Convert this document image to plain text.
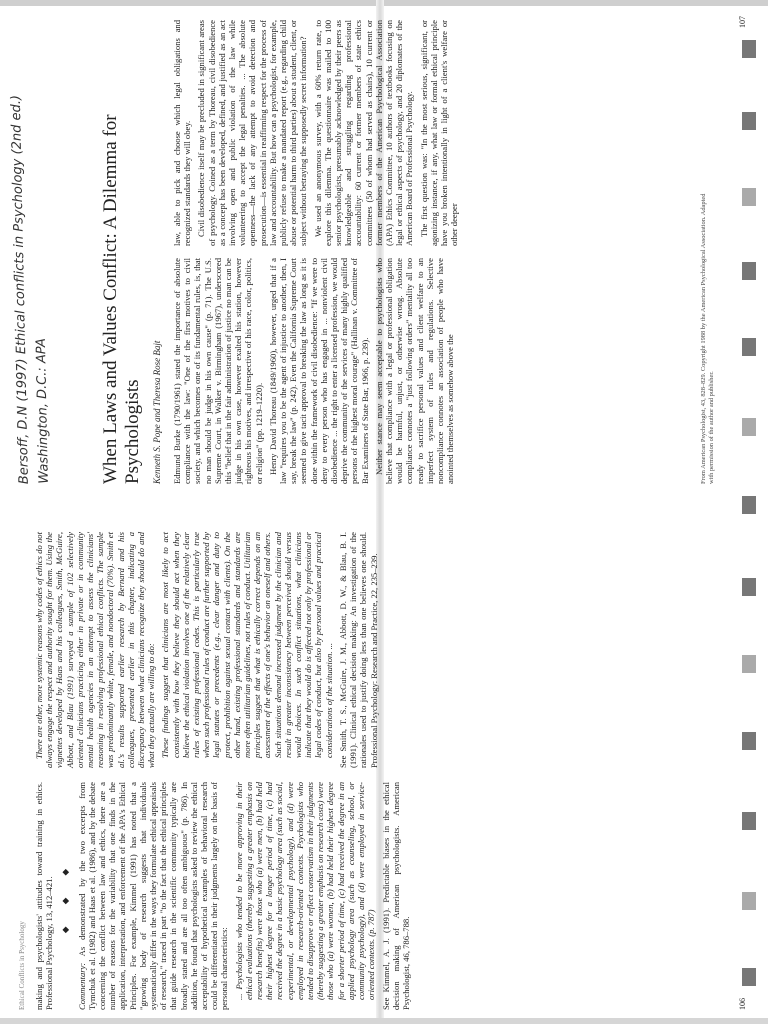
Ethical Conflicts in Psychology making and psychologists' attitudes toward training in ethics. Professional Psychology, 13, 412–421. ◆ ◆ ◆

Commentary: As demonstrated by the two excerpts from Tymchuk et al. (1982) and Haas et al. (1986), and by the debate concerning the conflict between law and ethics, there are a number of reasons for the variability that one finds in the application, interpretation, and enforcement of the APA's Ethical Principles. For example, Kimmel (1991) has noted that a "growing body of research suggests that individuals systematically differ in the ways they formulate ethical appraisals of research," traced in part "to the fact that the ethical principles that guide research in the scientific community typically are broadly stated and are all too often ambiguous" (p. 786). In addition, he found that psychologists asked to review the ethical acceptability of hypothetical examples of behavioral research could be differentiated in their judgments largely on the basis of personal characteristics: ... Psychologists who tended to be more approving in their ethical evaluations (thereby suggesting a greater emphasis on research benefits) were those who (a) were men, (b) had held their highest degree for a longer period of time, (c) had received the degree in a basic psychology area (such as social, experimental, or developmental psychology), and (d) were employed in research-oriented contexts. Psychologists who tended to disapprove or reflect conservatism in their judgments (thereby suggesting a greater emphasis on research costs) were those who (a) were women, (b) had held their highest degree for a shorter period of time, (c) had received the degree in an applied psychology area (such as counseling, school, or community psychology), and (d) were employed in service-oriented contexts. (p. 787) See Kimmel, A. J. (1991). Predictable biases in the ethical decision making of American psychologists. American Psychologist, 46, 786–788.

There are other, more systemic reasons why codes of ethics do not always engage the respect and authority sought for them. Using the vignettes developed by Haas and his colleagues, Smith, McGuire, Abbott, and Blau (1991) surveyed a sample of 102 selectively oriented clinicians practicing either in private or in community mental health agencies in an attempt to assess the clinicians' reasoning in resolving professional ethical conflicts. The sample was predominantly white, female, and nondoctoral (70%). Smith et al.'s results supported earlier research by Bernard and his colleagues, presented earlier in this chapter, indicating a discrepancy between what clinicians recognize they should do and what they actually are willing to do: These findings suggest that clinicians are most likely to act consistently with how they believe they should act when they believe the ethical violation involves one of the relatively clear rules of existing professional codes. This is particularly true when such professional rules of conduct are further supported by legal statutes or precedents (e.g., clear danger and duty to protect, prohibition against sexual contact with clients). On the other hand, existing professional standards and standards are more often utilitarian guidelines, not rules of conduct. Utilitarian principles suggest that what is ethically correct depends on an assessment of the effects of one's behavior on oneself and others. Such situations demand increased judgment by the clinician and result in greater inconsistency between perceived should versus would choices. In such conflict situations, what clinicians indicate that they would do is affected not only by professional or legal codes of conduct, but also by personal values and practical considerations of the situation. ... See Smith, T. S., McGuire, J. M., Abbott, D. W., & Blau, B. I. (1991). Clinical ethical decision making: An investigation of the rationales used to justify doing less than one believes one should. Professional Psychology: Research and Practice, 22, 235–239.

106
Bersoff, D.N (1997) Ethical conflicts in Psychology (2nd ed.) Washington, D.C.: APA	When Laws and Values Conflict: A Dilemma for Psychologists Kenneth S. Pope and Theresa Rose Bajt Edmund Burke (1790/1961) stated the importance of absolute compliance with the law: "One of the first motives to civil society, and which becomes one of its fundamental rules, is, that no man should be judge in his own cause" (p. 71). The U.S. Supreme Court, in Walker v. Birmingham (1967), underscored this "belief that in the fair administration of justice no man can be judge in his own case, however exalted his station, however righteous his motives, and irrespective of his race, color, politics, or religion" (pp. 1219–1220). Henry David Thoreau (1849/1960), however, urged that if a law "requires you to be the agent of injustice to another, then, I say, break the law" (p. 242). Even the California Supreme Court seemed to give tacit approval to breaking the law as long as it is done within the framework of civil disobedience: "If we were to deny to every person who has engaged in ... nonviolent civil disobedience ... the right to enter a licensed profession, we would deprive the community of the services of many highly qualified persons of the highest moral courage" (Hallinan v. Committee of Bar Examiners of State Bar, 1966, p. 239). Neither stance may seem acceptable to psychologists who believe that compliance with a legal or professional obligation would be harmful, unjust, or otherwise wrong. Absolute compliance connotes a "just following orders" mentality all too ready to sacrifice personal values and client welfare to an imperfect system of rules and regulations. Selective noncompliance connotes an association of people who have anointed themselves as somehow above the

law, able to pick and choose which legal obligations and recognized standards they will obey. Civil disobedience itself may be precluded in significant areas of psychology. Coined as a term by Thoreau, civil disobedience as a concept has been developed, defined, and justified as an act involving open and public violation of the law while volunteering to accept the legal penalties. ... The absolute openness—the lack of any attempt to avoid detection and prosecution—is essential in reaffirming respect for the process of law and accountability. But how can a psychologist, for example, publicly refuse to make a mandated report (e.g., regarding child abuse or potential harm to third parties) about a student, client, or subject without betraying the supposedly secret information? We used an anonymous survey, with a 60% return rate, to explore this dilemma. The questionnaire was mailed to 100 senior psychologists, presumably acknowledged by their peers as knowledgeable and struggling regarding professional accountability: 60 current or former members of state ethics committees (50 of whom had served as chairs), 10 current or former members of the American Psychological Association (APA) Ethics Committee, 10 authors of textbooks focusing on legal or ethical aspects of psychology, and 20 diplomates of the American Board of Professional Psychology. The first question was: "In the most serious, significant, or agonizing instance, if any, what law or formal ethical principle have you broken intentionally in light of a client's welfare or other deeper	From American Psychologist, 43, 828–829. Copyright 1988 by the American Psychological Association. Adapted with permission of the author and publisher.
107
